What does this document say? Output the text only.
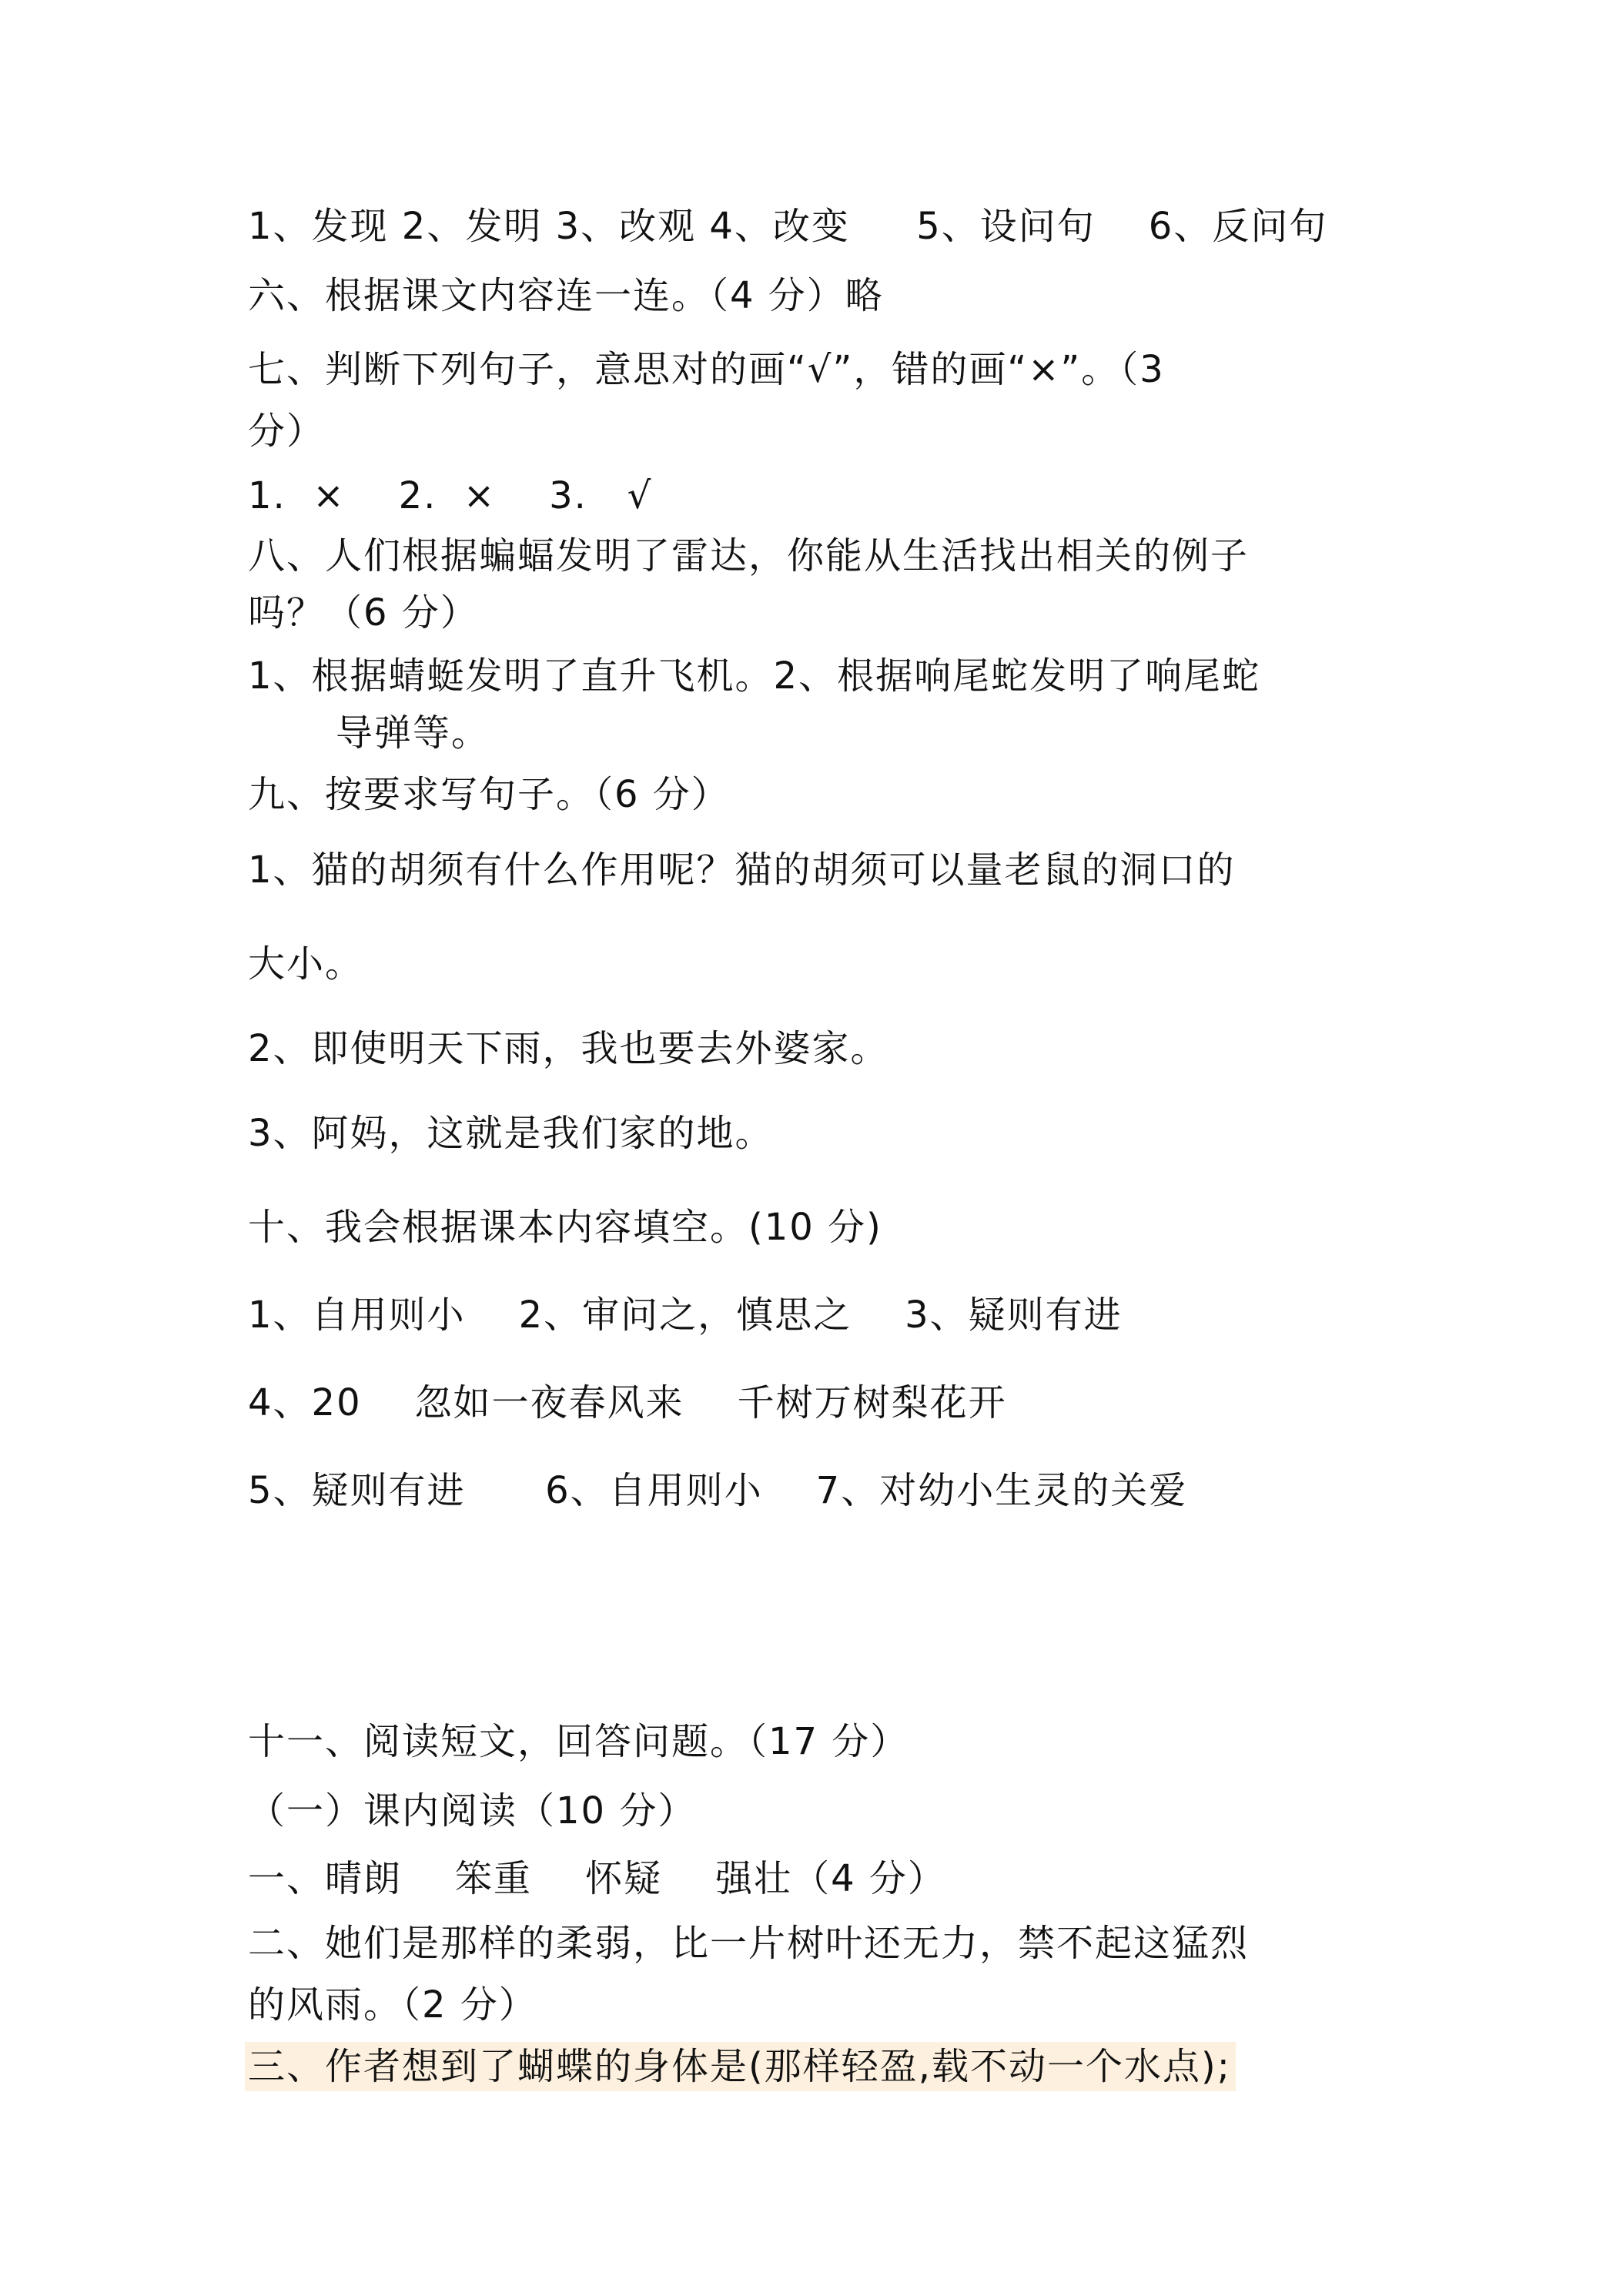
1、发现 2、发明 3、改观 4、改变     5、设问句    6、反问句
六、根据课文内容连一连。（4 分）略
七、判断下列句子，意思对的画“√”，错的画“×”。（3
分）
1.  ×    2.  ×    3.   √
八、人们根据蝙蝠发明了雷达，你能从生活找出相关的例子
吗？（6 分）
1、根据蜻蜓发明了直升飞机。2、根据响尾蛇发明了响尾蛇
导弹等。
九、按要求写句子。（6 分）
1、猫的胡须有什么作用呢？猫的胡须可以量老鼠的洞口的
大小。
2、即使明天下雨，我也要去外婆家。
3、阿妈，这就是我们家的地。
十、我会根据课本内容填空。(10 分)
1、自用则小    2、审问之，慎思之    3、疑则有进
4、20    忽如一夜春风来    千树万树梨花开
5、疑则有进      6、自用则小    7、对幼小生灵的关爱
十一、阅读短文，回答问题。（17 分）
（一）课内阅读（10 分）
一、晴朗    笨重    怀疑    强壮（4 分）
二、她们是那样的柔弱，比一片树叶还无力，禁不起这猛烈
的风雨。（2 分）
三、作者想到了蝴蝶的身体是(那样轻盈,载不动一个水点);
